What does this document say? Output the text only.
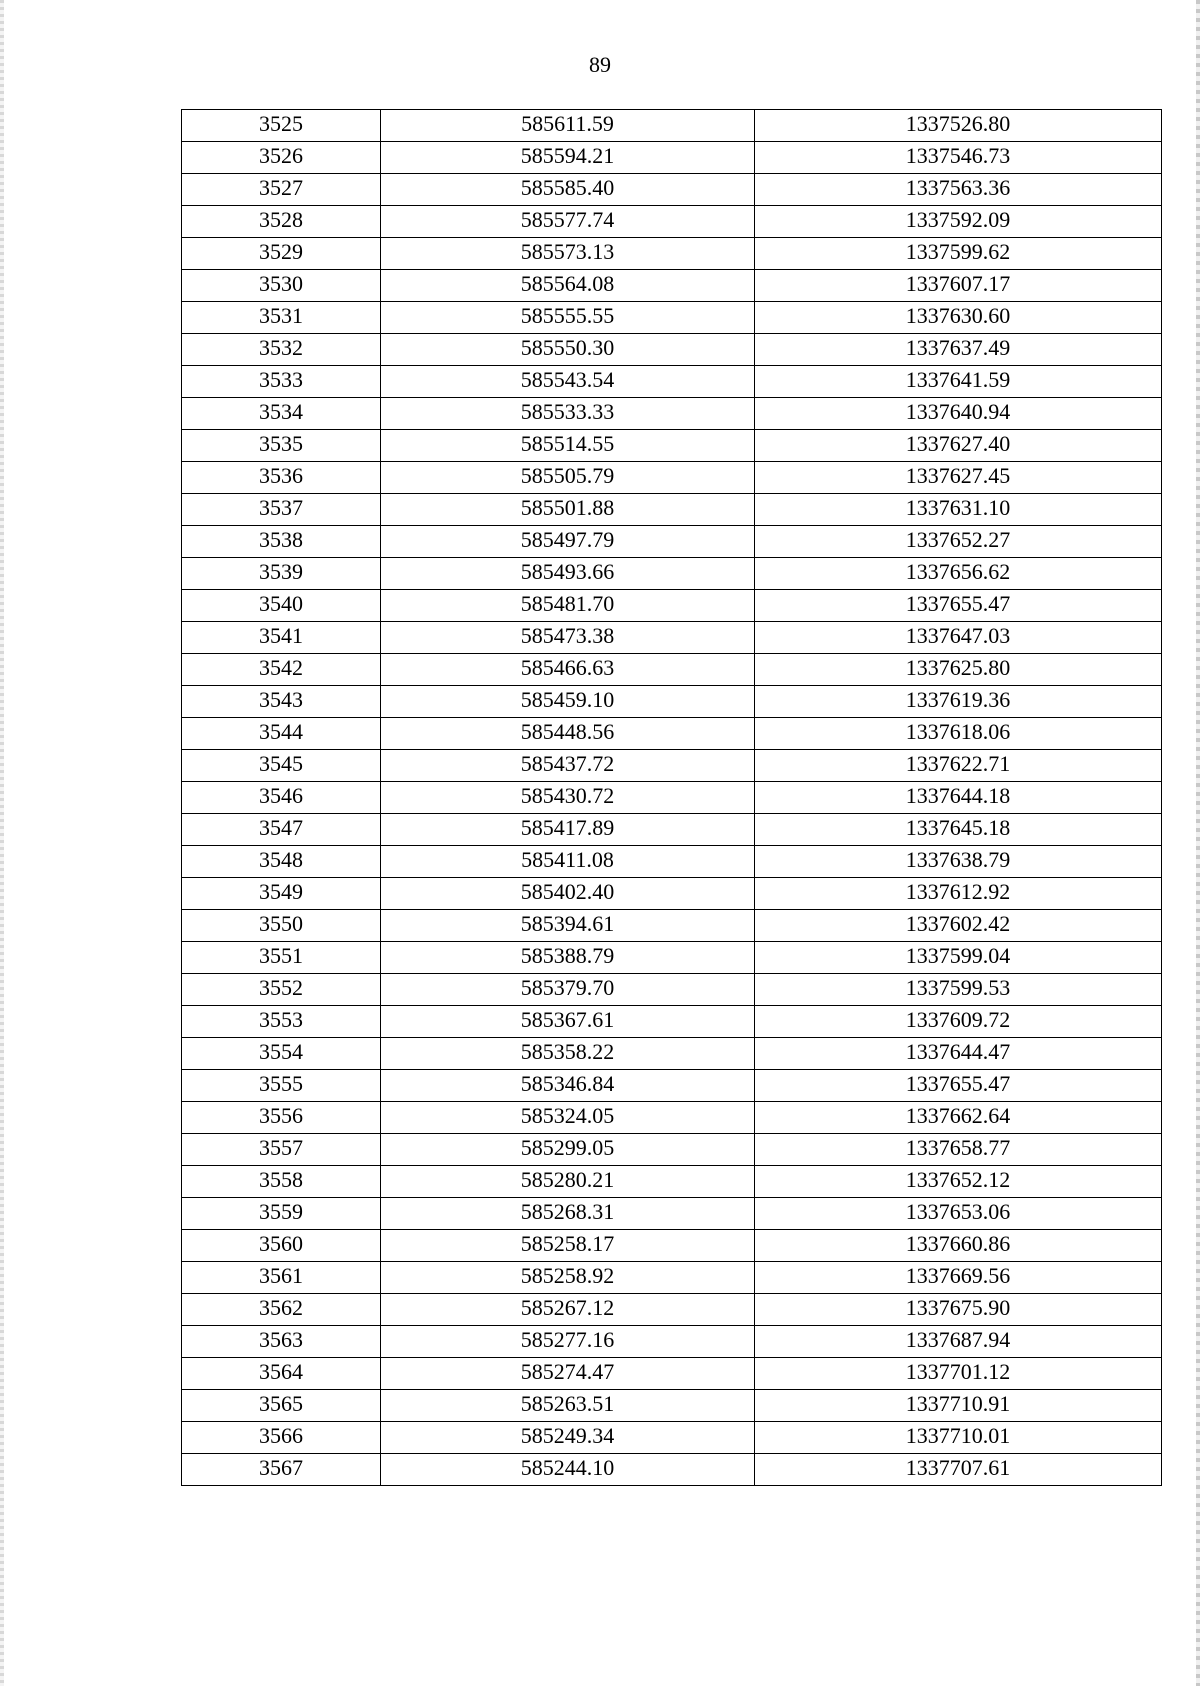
89
3525	585611.59	1337526.80
3526	585594.21	1337546.73
3527	585585.40	1337563.36
3528	585577.74	1337592.09
3529	585573.13	1337599.62
3530	585564.08	1337607.17
3531	585555.55	1337630.60
3532	585550.30	1337637.49
3533	585543.54	1337641.59
3534	585533.33	1337640.94
3535	585514.55	1337627.40
3536	585505.79	1337627.45
3537	585501.88	1337631.10
3538	585497.79	1337652.27
3539	585493.66	1337656.62
3540	585481.70	1337655.47
3541	585473.38	1337647.03
3542	585466.63	1337625.80
3543	585459.10	1337619.36
3544	585448.56	1337618.06
3545	585437.72	1337622.71
3546	585430.72	1337644.18
3547	585417.89	1337645.18
3548	585411.08	1337638.79
3549	585402.40	1337612.92
3550	585394.61	1337602.42
3551	585388.79	1337599.04
3552	585379.70	1337599.53
3553	585367.61	1337609.72
3554	585358.22	1337644.47
3555	585346.84	1337655.47
3556	585324.05	1337662.64
3557	585299.05	1337658.77
3558	585280.21	1337652.12
3559	585268.31	1337653.06
3560	585258.17	1337660.86
3561	585258.92	1337669.56
3562	585267.12	1337675.90
3563	585277.16	1337687.94
3564	585274.47	1337701.12
3565	585263.51	1337710.91
3566	585249.34	1337710.01
3567	585244.10	1337707.61
